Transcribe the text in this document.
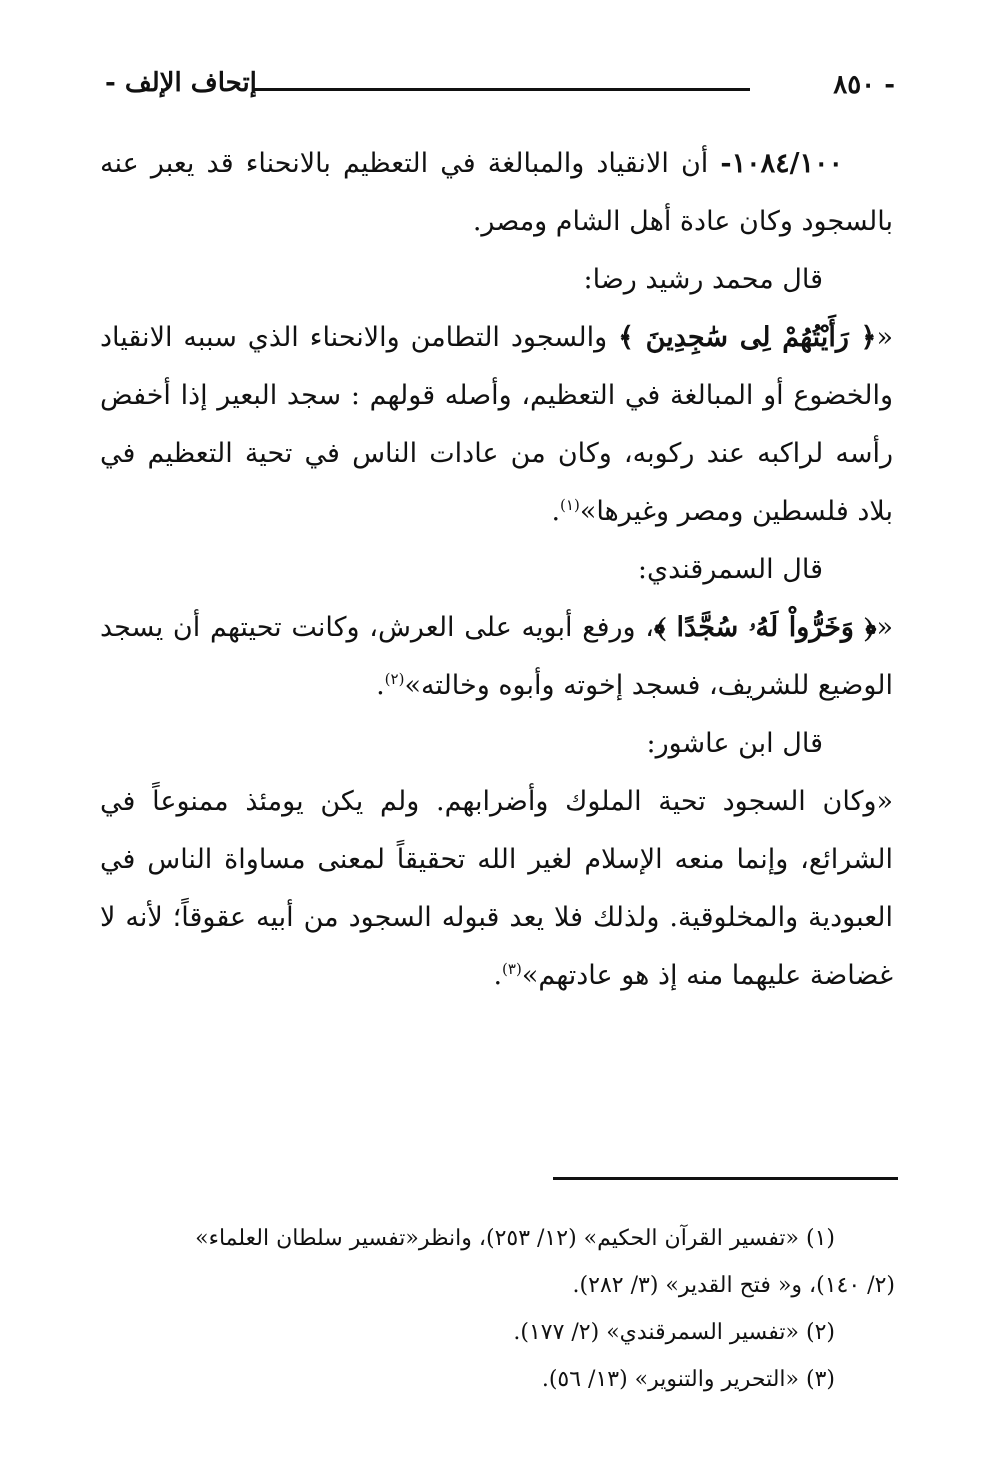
- ٨٥٠
إتحاف الإلف -

١٠٨٤/١٠٠- أن الانقياد والمبالغة في التعظيم بالانحناء قد يعبر عنه بالسجود وكان عادة أهل الشام ومصر.

قال محمد رشيد رضا:

«﴿ رَأَيْتُهُمْ لِى سَٰجِدِينَ ﴾ والسجود التطامن والانحناء الذي سببه الانقياد والخضوع أو المبالغة في التعظيم، وأصله قولهم : سجد البعير إذا أخفض رأسه لراكبه عند ركوبه، وكان من عادات الناس في تحية التعظيم في بلاد فلسطين ومصر وغيرها»$^{(١)}$.

قال السمرقندي:

«﴿ وَخَرُّواْ لَهُۥ سُجَّدًا ﴾، ورفع أبويه على العرش، وكانت تحيتهم أن يسجد الوضيع للشريف، فسجد إخوته وأبوه وخالته»$^{(٢)}$.

قال ابن عاشور:

«وكان السجود تحية الملوك وأضرابهم. ولم يكن يومئذ ممنوعاً في الشرائع، وإنما منعه الإسلام لغير الله تحقيقاً لمعنى مساواة الناس في العبودية والمخلوقية. ولذلك فلا يعد قبوله السجود من أبيه عقوقاً؛ لأنه لا غضاضة عليهما منه إذ هو عادتهم»$^{(٣)}$.

(١) «تفسير القرآن الحكيم» (١٢/ ٢٥٣)، وانظر«تفسير سلطان العلماء»

(٢/ ١٤٠)، و« فتح القدير» (٣/ ٢٨٢).

(٢) «تفسير السمرقندي» (٢/ ١٧٧).

(٣) «التحرير والتنوير» (١٣/ ٥٦).
